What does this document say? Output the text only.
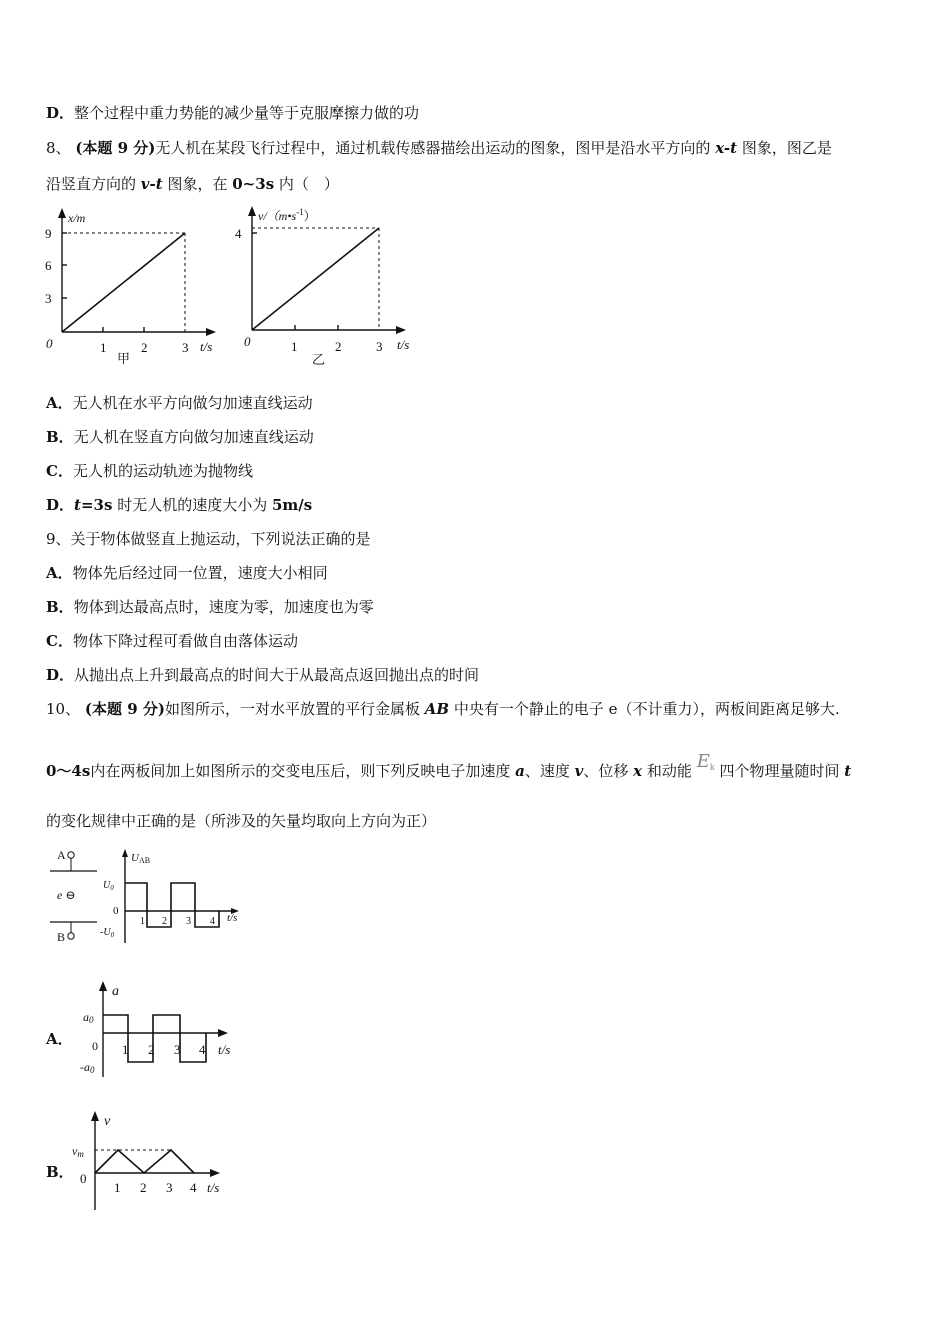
D．整个过程中重力势能的减少量等于克服摩擦力做的功
8、 (本题 9 分)无人机在某段飞行过程中，通过机载传感器描绘出运动的图象，图甲是沿水平方向的 x-t 图象，图乙是
沿竖直方向的 v-t 图象，在 0~3s 内（　）
x/m
3
6
9
0	1	2	3 t/s
甲
$v/(m•s^{-1})$
4
0	1	2	3 t/s
乙
A．无人机在水平方向做匀加速直线运动
B．无人机在竖直方向做匀加速直线运动
C．无人机的运动轨迹为抛物线
D．t=3s 时无人机的速度大小为 5m/s
9、关于物体做竖直上抛运动，下列说法正确的是
A．物体先后经过同一位置，速度大小相同
B．物体到达最高点时，速度为零，加速度也为零
C．物体下降过程可看做自由落体运动
D．从抛出点上升到最高点的时间大于从最高点返回抛出点的时间
10、 (本题 9 分)如图所示，一对水平放置的平行金属板 AB 中央有一个静止的电子 e（不计重力），两板间距离足够大.
0～4s内在两板间加上如图所示的交变电压后，则下列反映电子加速度 a、速度 v、位移 x 和动能 $E^k$ 四个物理量随时间 t
的变化规律中正确的是（所涉及的矢量均取向上方向为正）
A
e ⊖
B
UAB
$U_0$
$-U_0$
0
1 2 3 4 t/s
A．
a
a0
-a0
0 1 2 3 4 t/s
B．
v
vm
0
1 2 3 4 t/s
